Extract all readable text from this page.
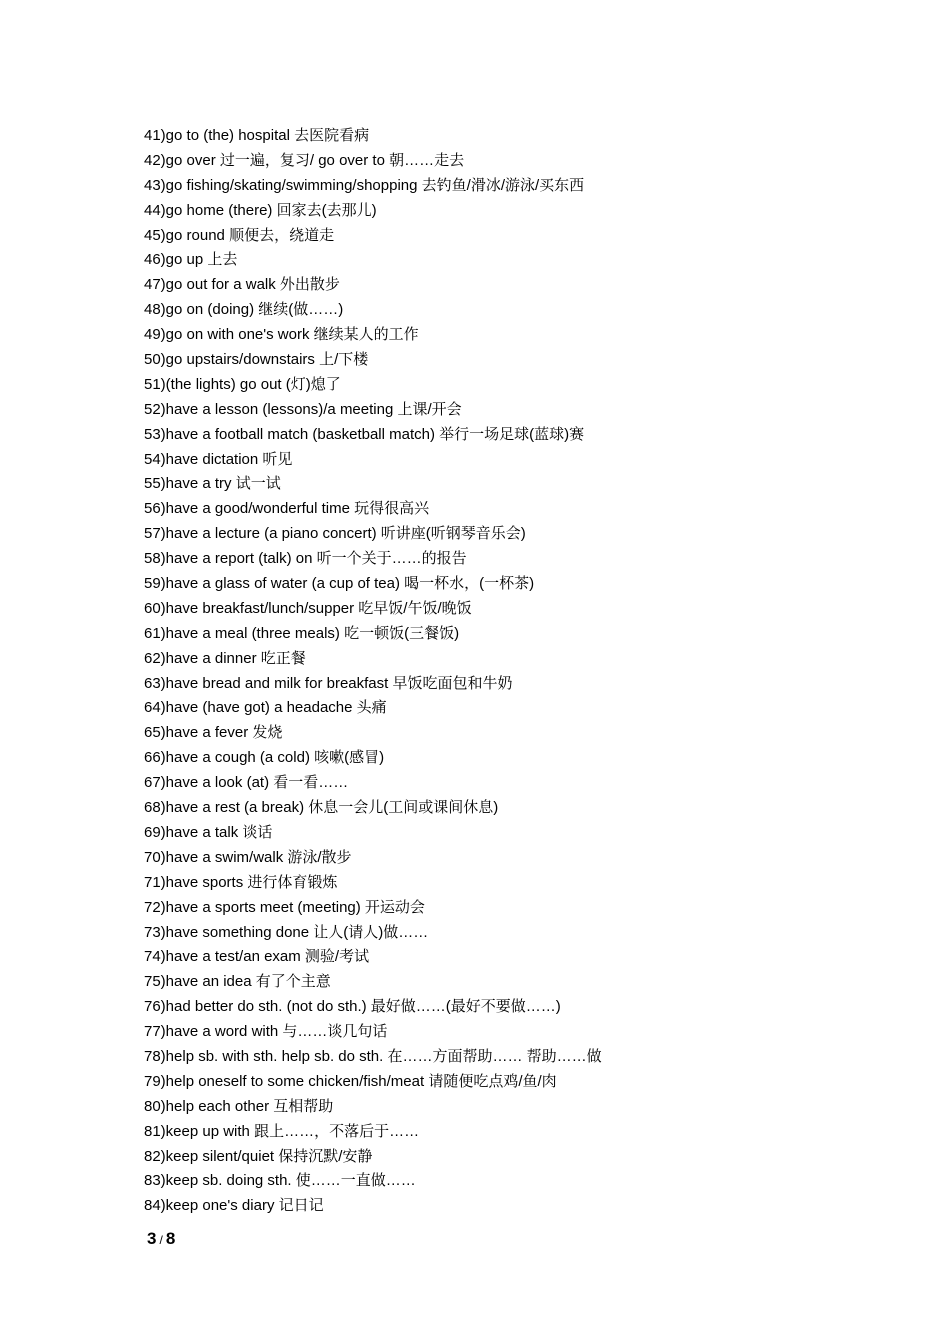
41)go to (the) hospital 去医院看病
42)go over 过一遍，复习/ go over to 朝……走去
43)go fishing/skating/swimming/shopping 去钓鱼/滑冰/游泳/买东西
44)go home (there) 回家去(去那儿)
45)go round 顺便去，绕道走
46)go up 上去
47)go out for a walk 外出散步
48)go on (doing) 继续(做……)
49)go on with one's work 继续某人的工作
50)go upstairs/downstairs 上/下楼
51)(the lights) go out (灯)熄了
52)have a lesson (lessons)/a meeting 上课/开会
53)have a football match (basketball match) 举行一场足球(蓝球)赛
54)have dictation 听见
55)have a try 试一试
56)have a good/wonderful time 玩得很高兴
57)have a lecture (a piano concert) 听讲座(听钢琴音乐会)
58)have a report (talk) on 听一个关于……的报告
59)have a glass of water (a cup of tea) 喝一杯水，(一杯茶)
60)have breakfast/lunch/supper 吃早饭/午饭/晚饭
61)have a meal (three meals) 吃一顿饭(三餐饭)
62)have a dinner 吃正餐
63)have bread and milk for breakfast 早饭吃面包和牛奶
64)have (have got) a headache 头痛
65)have a fever 发烧
66)have a cough (a cold) 咳嗽(感冒)
67)have a look (at) 看一看……
68)have a rest (a break) 休息一会儿(工间或课间休息)
69)have a talk 谈话
70)have a swim/walk 游泳/散步
71)have sports 进行体育锻炼
72)have a sports meet (meeting) 开运动会
73)have something done 让人(请人)做……
74)have a test/an exam 测验/考试
75)have an idea 有了个主意
76)had better do sth. (not do sth.) 最好做……(最好不要做……)
77)have a word with 与……谈几句话
78)help sb. with sth. help sb. do sth. 在……方面帮助…… 帮助……做
79)help oneself to some chicken/fish/meat 请随便吃点鸡/鱼/肉
80)help each other 互相帮助
81)keep up with 跟上……，不落后于……
82)keep silent/quiet 保持沉默/安静
83)keep sb. doing sth. 使……一直做……
84)keep one's diary 记日记
3 / 8
